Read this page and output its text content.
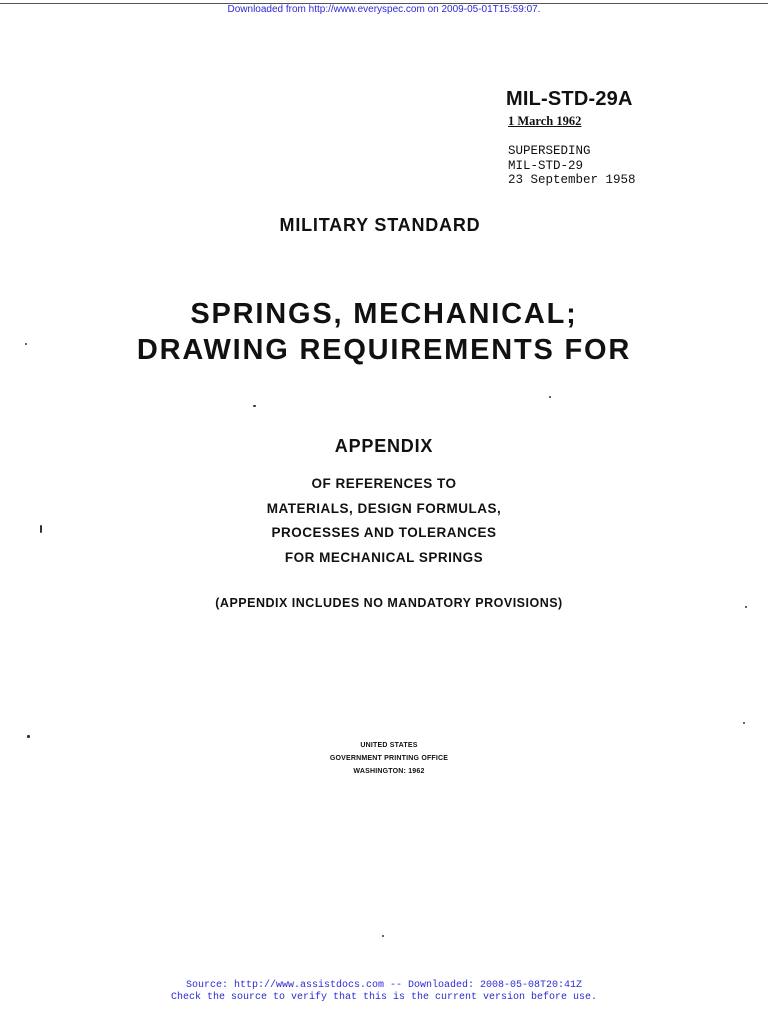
Downloaded from http://www.everyspec.com on 2009-05-01T15:59:07.
MIL-STD-29A
1 March 1962
SUPERSEDING
MIL-STD-29
23 September 1958
MILITARY STANDARD
SPRINGS, MECHANICAL;
DRAWING REQUIREMENTS FOR
APPENDIX
OF REFERENCES TO
MATERIALS, DESIGN FORMULAS,
PROCESSES AND TOLERANCES
FOR MECHANICAL SPRINGS
(APPENDIX INCLUDES NO MANDATORY PROVISIONS)
UNITED STATES
GOVERNMENT PRINTING OFFICE
WASHINGTON: 1962
Source: http://www.assistdocs.com -- Downloaded: 2008-05-08T20:41Z
Check the source to verify that this is the current version before use.
